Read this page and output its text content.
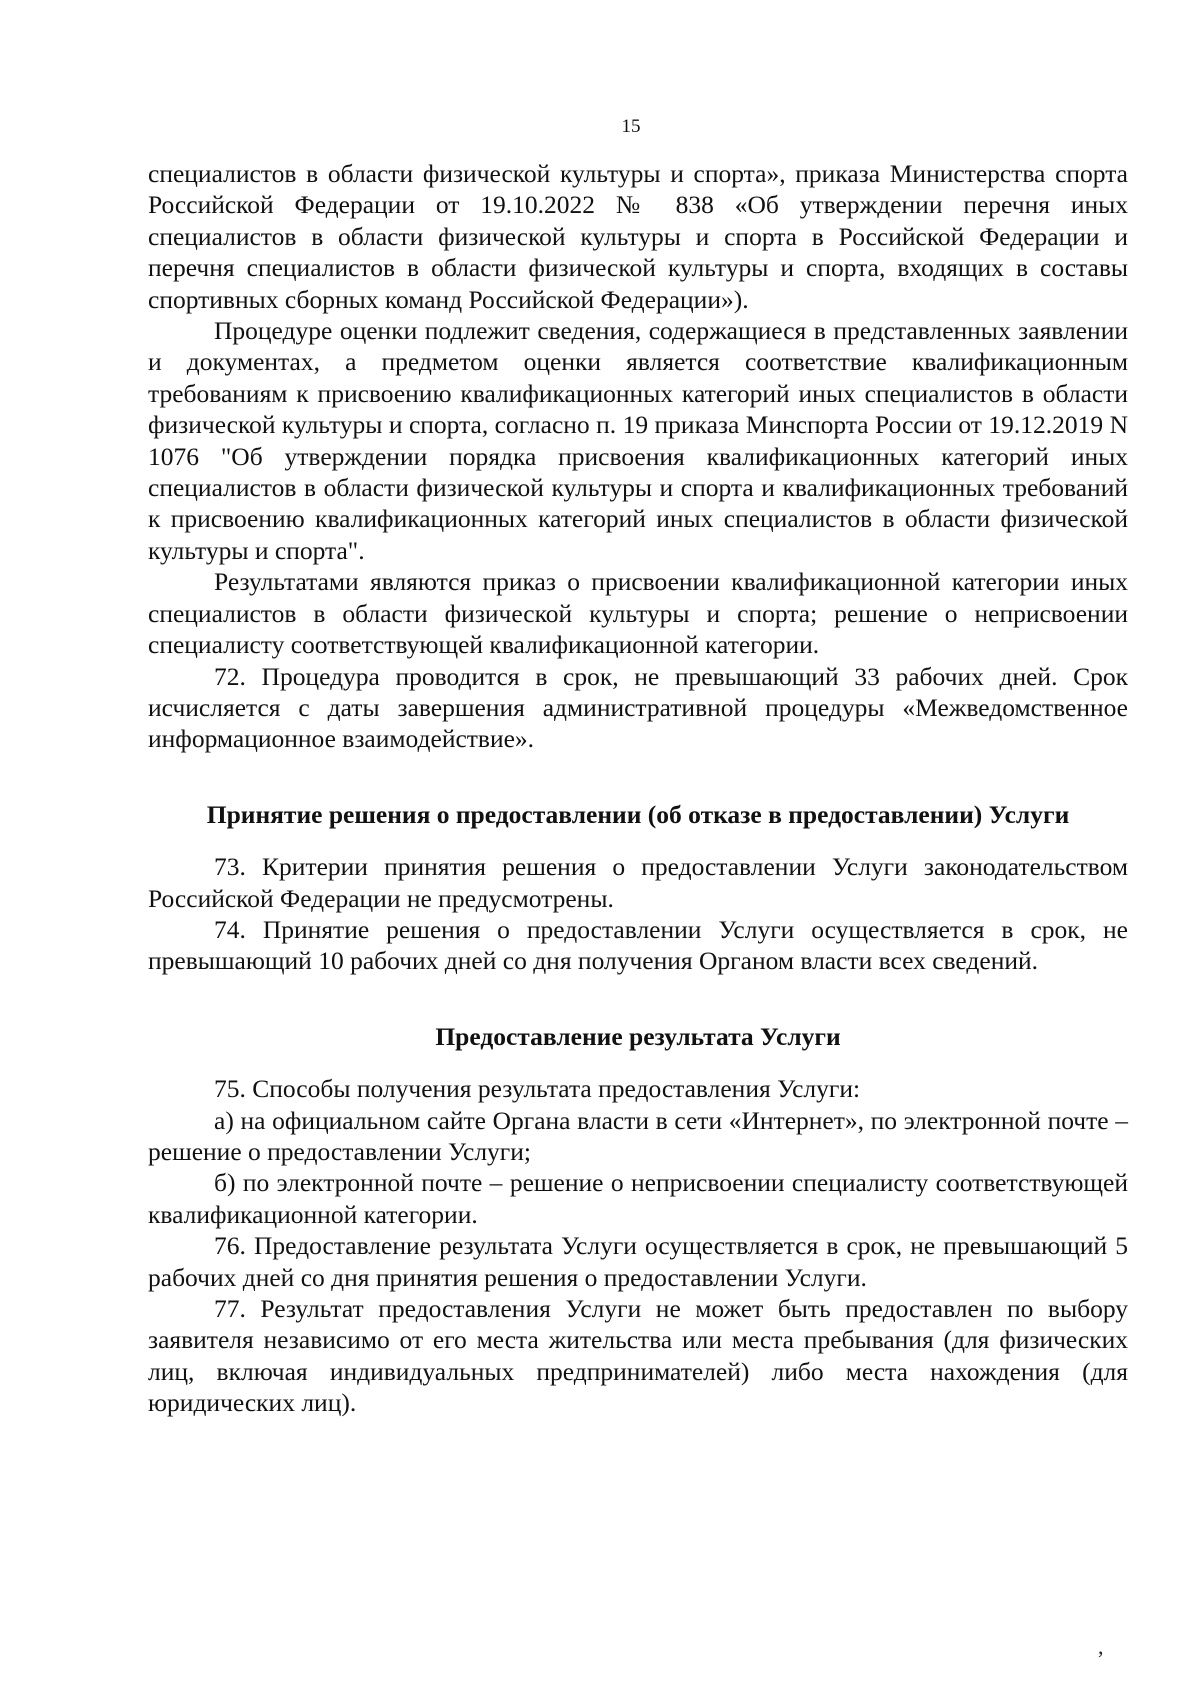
15

специалистов в области физической культуры и спорта», приказа Министерства спорта Российской Федерации от 19.10.2022 № 838 «Об утверждении перечня иных специалистов в области физической культуры и спорта в Российской Федерации и перечня специалистов в области физической культуры и спорта, входящих в составы спортивных сборных команд Российской Федерации»).

Процедуре оценки подлежит сведения, содержащиеся в представленных заявлении и документах, а предметом оценки является соответствие квалификационным требованиям к присвоению квалификационных категорий иных специалистов в области физической культуры и спорта, согласно п. 19 приказа Минспорта России от 19.12.2019 N 1076 "Об утверждении порядка присвоения квалификационных категорий иных специалистов в области физической культуры и спорта и квалификационных требований к присвоению квалификационных категорий иных специалистов в области физической культуры и спорта".

Результатами являются приказ о присвоении квалификационной категории иных специалистов в области физической культуры и спорта; решение о неприсвоении специалисту соответствующей квалификационной категории.

72. Процедура проводится в срок, не превышающий 33 рабочих дней. Срок исчисляется с даты завершения административной процедуры «Межведомственное информационное взаимодействие».

Принятие решения о предоставлении (об отказе в предоставлении) Услуги

73. Критерии принятия решения о предоставлении Услуги законодательством Российской Федерации не предусмотрены.

74. Принятие решения о предоставлении Услуги осуществляется в срок, не превышающий 10 рабочих дней со дня получения Органом власти всех сведений.

Предоставление результата Услуги

75. Способы получения результата предоставления Услуги:

а) на официальном сайте Органа власти в сети «Интернет», по электронной почте – решение о предоставлении Услуги;

б) по электронной почте – решение о неприсвоении специалисту соответствующей квалификационной категории.

76. Предоставление результата Услуги осуществляется в срок, не превышающий 5 рабочих дней со дня принятия решения о предоставлении Услуги.

77. Результат предоставления Услуги не может быть предоставлен по выбору заявителя независимо от его места жительства или места пребывания (для физических лиц, включая индивидуальных предпринимателей) либо места нахождения (для юридических лиц).

,
